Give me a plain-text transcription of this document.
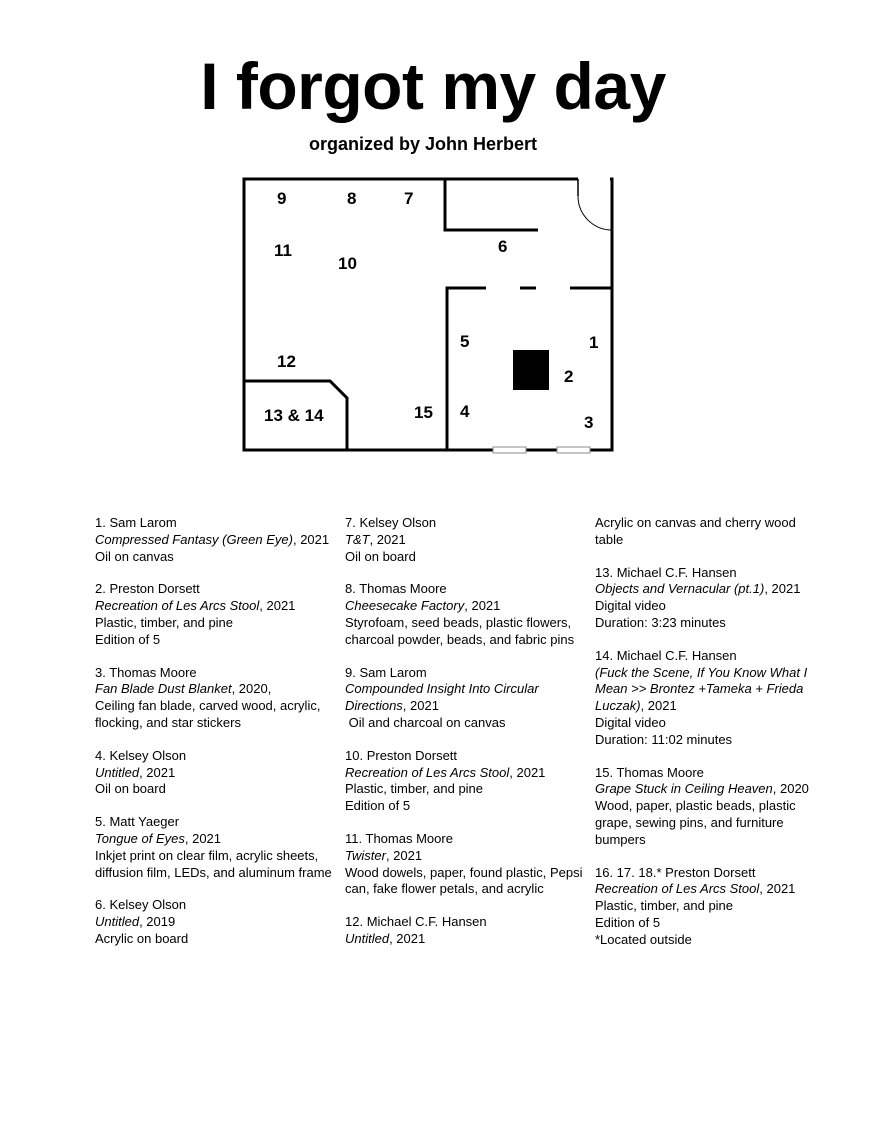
I forgot my day

organized by John Herbert

9	8	7
6
11
10
5	1
2
12
13 & 14	15 4
3
1. Sam Larom
Compressed Fantasy (Green Eye), 2021
Oil on canvas
2. Preston Dorsett
Recreation of Les Arcs Stool, 2021
Plastic, timber, and pine
Edition of 5
3. Thomas Moore
Fan Blade Dust Blanket, 2020,
Ceiling fan blade, carved wood, acrylic, flocking, and star stickers
4. Kelsey Olson
Untitled, 2021
Oil on board
5. Matt Yaeger
Tongue of Eyes, 2021
Inkjet print on clear film, acrylic sheets, diffusion film, LEDs, and aluminum frame
6. Kelsey Olson
Untitled, 2019
Acrylic on board
7. Kelsey Olson
T&T, 2021
Oil on board
8. Thomas Moore
Cheesecake Factory, 2021
Styrofoam, seed beads, plastic flowers, charcoal powder, beads, and fabric pins
9. Sam Larom
Compounded Insight Into Circular Directions, 2021
Oil and charcoal on canvas
10. Preston Dorsett
Recreation of Les Arcs Stool, 2021
Plastic, timber, and pine
Edition of 5
11. Thomas Moore
Twister, 2021
Wood dowels, paper, found plastic, Pepsi can, fake flower petals, and acrylic
12. Michael C.F. Hansen
Untitled, 2021
Acrylic on canvas and cherry wood table
13. Michael C.F. Hansen
Objects and Vernacular (pt.1), 2021
Digital video
Duration: 3:23 minutes
14. Michael C.F. Hansen
(Fuck the Scene, If You Know What I Mean >> Brontez +Tameka + Frieda Luczak), 2021
Digital video
Duration: 11:02 minutes
15. Thomas Moore
Grape Stuck in Ceiling Heaven, 2020
Wood, paper, plastic beads, plastic grape, sewing pins, and furniture bumpers
16. 17. 18.* Preston Dorsett
Recreation of Les Arcs Stool, 2021
Plastic, timber, and pine
Edition of 5
*Located outside
